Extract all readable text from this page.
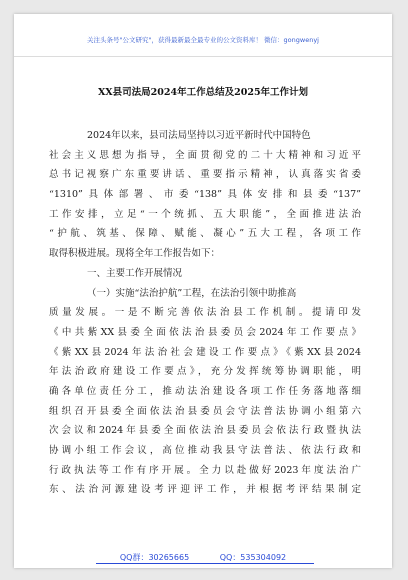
关注头条号"公文研究"，获得最新最全最专业的公文资料库！ 微信：gongwenyj
XX县司法局2024年工作总结及2025年工作计划
2024年以来，县司法局坚持以习近平新时代中国特色
社会主义思想为指导，全面贯彻党的二十大精神和习近平
总书记视察广东重要讲话、重要指示精神，认真落实省委
“1310”具体部署、市委“138”具体安排和县委“137”
工作安排，立足“一个统抓、五大职能”，全面推进法治
“护航、筑基、保障、赋能、凝心”五大工程，各项工作
取得积极进展。现将全年工作报告如下：
一、主要工作开展情况
（一）实施“法治护航”工程，在法治引领中助推高
质量发展。一是不断完善依法治县工作机制。提请印发
《中共紫XX县委全面依法治县委员会2024年工作要点》
《紫XX县2024年法治社会建设工作要点》《紫XX县2024
年法治政府建设工作要点》，充分发挥统筹协调职能，明
确各单位责任分工，推动法治建设各项工作任务落地落细
组织召开县委全面依法治县委员会守法普法协调小组第六
次会议和2024年县委全面依法治县委员会依法行政暨执法
协调小组工作会议，高位推动我县守法普法、依法行政和
行政执法等工作有序开展。全力以赴做好2023年度法治广
东、法治河源建设考评迎评工作，并根据考评结果制定
QQ群：30265665	QQ：535304092
